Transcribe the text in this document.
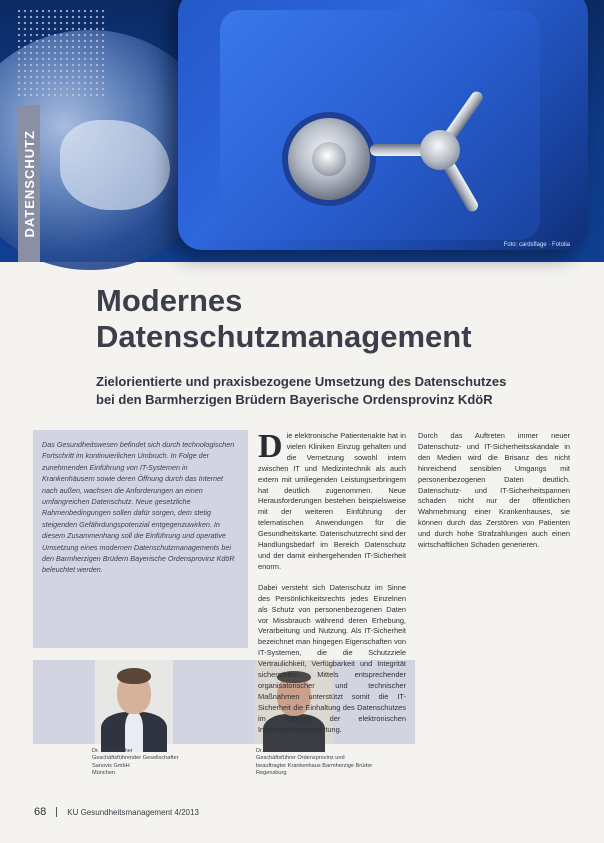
Foto: cardsflage · Fotolia
DATENSCHUTZ
Modernes
Datenschutzmanagement
Zielorientierte und praxisbezogene Umsetzung des Datenschutzes
bei den Barmherzigen Brüdern Bayerische Ordensprovinz KdöR

Das Gesundheitswesen befindet sich durch technologischen Fortschritt im kontinuierlichen Umbruch. In Folge der zunehmenden Einführung von IT-Systemen in Krankenhäusern sowie deren Öffnung durch das Internet nach außen, wachsen die Anforderungen an einen umfangreichen Datenschutz. Neue gesetzliche Rahmenbedingungen sollen dafür sorgen, dem stetig steigenden Gefährdungspotenzial entgegenzuwirken. In diesem Zusammenhang soll die Einführung und operative Umsetzung eines modernen Datenschutzmanagements bei den Barmherzigen Brüdern Bayerische Ordensprovinz KdöR beleuchtet werden.

Dr. Uwe Zürcher
Geschäftsführender Gesellschafter
Sanovis GmbH
München
Dr. Harald Roth
Geschäftsführer Ordensprovinz und
beauftragter Krankenhaus Barmherzige Brüder
Regensburg

Die elektronische Patientenakte hat in vielen Kliniken Einzug gehalten und die Vernetzung sowohl intern zwischen IT und Medizintechnik als auch extern mit umliegenden Leistungserbringern hat deutlich zugenommen. Neue Herausforderungen bestehen beispielsweise mit der weiteren Einführung der telematischen Anwendungen für die Gesundheitskarte. Datenschutzrecht sind der Handlungsbedarf im Bereich Datenschutz und der damit einhergehenden IT-Sicherheit enorm.

Dabei versteht sich Datenschutz im Sinne des Persönlichkeitsrechts jedes Einzelnen als Schutz von personenbezogenen Daten vor Missbrauch während deren Erhebung, Verarbeitung und Nutzung. Als IT-Sicherheit bezeichnet man hingegen Eigenschaften von IT-Systemen, die die Schutzziele Vertraulichkeit, Verfügbarkeit und Integrität sicherstellen. Mittels entsprechender organisatorischer und technischer Maßnahmen unterstützt somit die IT-Sicherheit die Einhaltung des Datenschutzes im Rahmen der elektronischen Informationsverarbeitung.

Durch das Auftreten immer neuer Datenschutz- und IT-Sicherheitsskandale in den Medien wird die Brisanz des nicht hinreichend sensiblen Umgangs mit personenbezogenen Daten deutlich. Datenschutz- und IT-Sicherheitspannen schaden nicht nur der öffentlichen Wahrnehmung einer Krankenhauses, sie können durch das Zerstören von Patienten und durch hohe Strafzahlungen auch einen wirtschaftlichen Schaden generieren.

68	KU Gesundheitsmanagement 4/2013
